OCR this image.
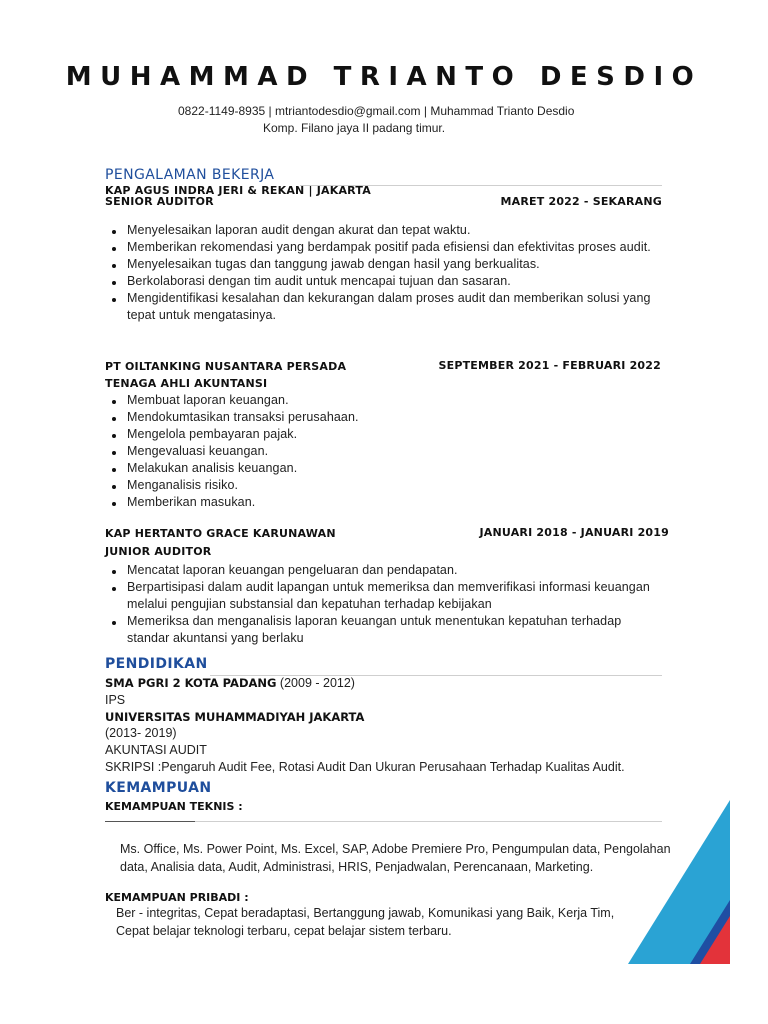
MUHAMMAD TRIANTO DESDIO
0822-1149-8935 | mtriantodesdio@gmail.com | Muhammad Trianto Desdio
Komp. Filano jaya II padang timur.
PENGALAMAN BEKERJA
KAP AGUS INDRA JERI & REKAN | JAKARTA
SENIOR AUDITOR	MARET 2022 - SEKARANG
Menyelesaikan laporan audit dengan akurat dan tepat waktu.
Memberikan rekomendasi yang berdampak positif pada efisiensi dan efektivitas proses audit.
Menyelesaikan tugas dan tanggung jawab dengan hasil yang berkualitas.
Berkolaborasi dengan tim audit untuk mencapai tujuan dan sasaran.
Mengidentifikasi kesalahan dan kekurangan dalam proses audit dan memberikan solusi yang tepat untuk mengatasinya.
PT OILTANKING NUSANTARA PERSADA	SEPTEMBER 2021 - FEBRUARI 2022
TENAGA AHLI AKUNTANSI
Membuat laporan keuangan.
Mendokumtasikan transaksi perusahaan.
Mengelola pembayaran pajak.
Mengevaluasi keuangan.
Melakukan analisis keuangan.
Menganalisis risiko.
Memberikan masukan.
KAP HERTANTO GRACE KARUNAWAN	JANUARI 2018 - JANUARI 2019
JUNIOR AUDITOR
Mencatat laporan keuangan pengeluaran dan pendapatan.
Berpartisipasi dalam audit lapangan untuk memeriksa dan memverifikasi informasi keuangan melalui pengujian substansial dan kepatuhan terhadap kebijakan
Memeriksa dan menganalisis laporan keuangan untuk menentukan kepatuhan terhadap standar akuntansi yang berlaku
PENDIDIKAN
SMA PGRI 2 KOTA PADANG (2009 - 2012)
IPS
UNIVERSITAS MUHAMMADIYAH JAKARTA
(2013- 2019)
AKUNTASI AUDIT
SKRIPSI :Pengaruh Audit Fee, Rotasi Audit Dan Ukuran Perusahaan Terhadap Kualitas Audit.
KEMAMPUAN
KEMAMPUAN TEKNIS :
Ms. Office, Ms. Power Point, Ms. Excel, SAP, Adobe Premiere Pro, Pengumpulan data, Pengolahan data, Analisia data, Audit, Administrasi, HRIS, Penjadwalan, Perencanaan, Marketing.
KEMAMPUAN PRIBADI :
Ber - integritas, Cepat beradaptasi, Bertanggung jawab, Komunikasi yang Baik, Kerja Tim, Cepat belajar teknologi terbaru, cepat belajar sistem terbaru.
